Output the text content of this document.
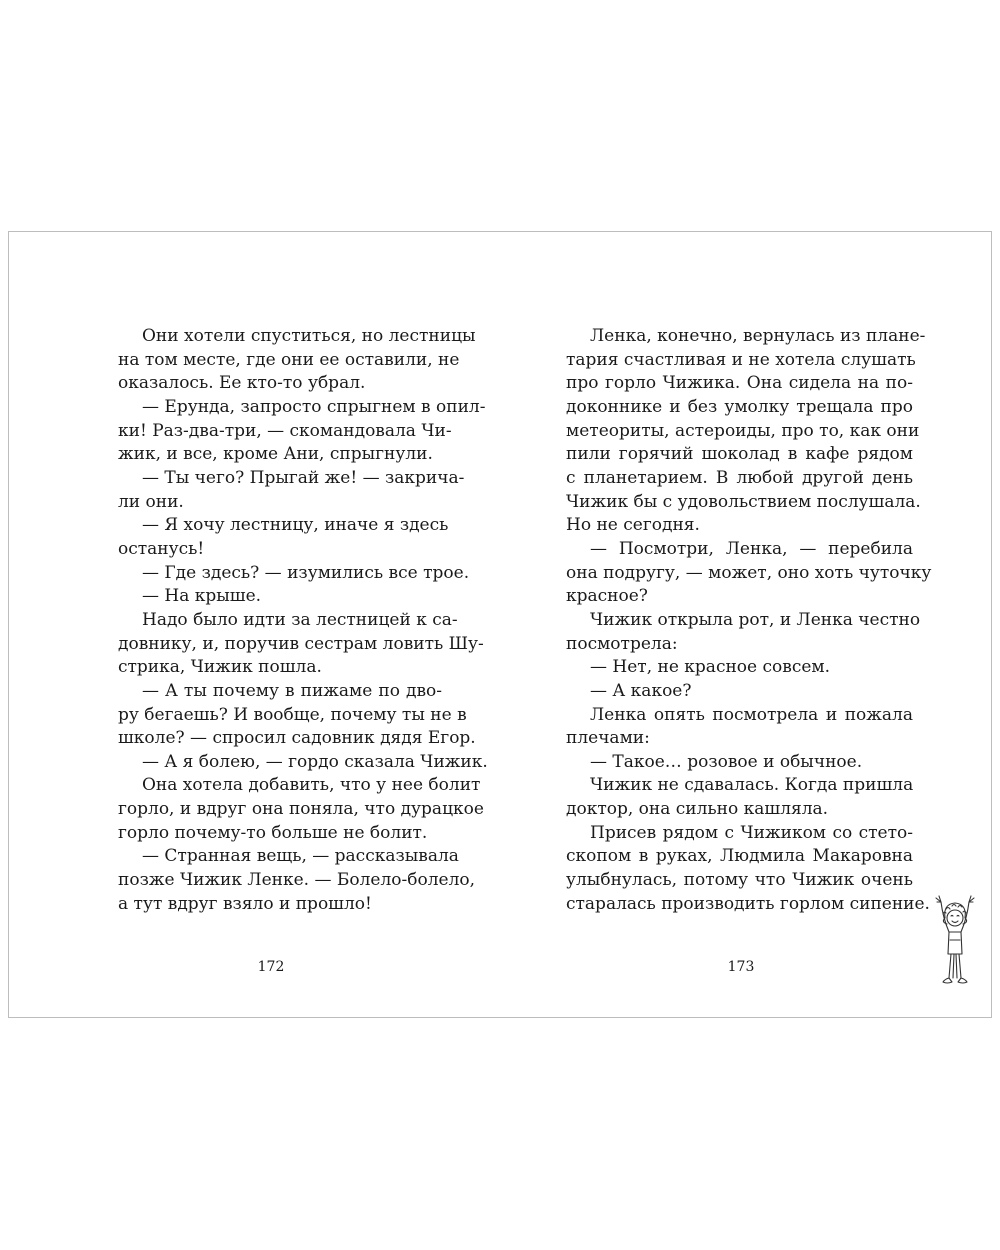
Они хотели спуститься, но лестницы
на том месте, где они ее оставили, не
оказалось. Ее кто-то убрал.

— Ерунда, запросто спрыгнем в опил-
ки! Раз-два-три, — скомандовала Чи-
жик, и все, кроме Ани, спрыгнули.

— Ты чего? Прыгай же! — закрича-
ли они.

— Я хочу лестницу, иначе я здесь
останусь!

— Где здесь? — изумились все трое.

— На крыше.

Надо было идти за лестницей к са-
довнику, и, поручив сестрам ловить Шу-
стрика, Чижик пошла.

— А ты почему в пижаме по дво-
ру бегаешь? И вообще, почему ты не в
школе? — спросил садовник дядя Егор.

— А я болею, — гордо сказала Чижик.

Она хотела добавить, что у нее болит
горло, и вдруг она поняла, что дурацкое
горло почему-то больше не болит.

— Странная вещь, — рассказывала
позже Чижик Ленке. — Болело-болело,
а тут вдруг взяло и прошло!

Ленка, конечно, вернулась из плане-
тария счастливая и не хотела слушать
про горло Чижика. Она сидела на по-
доконнике и без умолку трещала про
метеориты, астероиды, про то, как они
пили горячий шоколад в кафе рядом
с планетарием. В любой другой день
Чижик бы с удовольствием послушала.
Но не сегодня.

— Посмотри, Ленка, — перебила
она подругу, — может, оно хоть чуточку
красное?

Чижик открыла рот, и Ленка честно
посмотрела:

— Нет, не красное совсем.

— А какое?

Ленка опять посмотрела и пожала
плечами:

— Такое… розовое и обычное.

Чижик не сдавалась. Когда пришла
доктор, она сильно кашляла.

Присев рядом с Чижиком со стето-
скопом в руках, Людмила Макаровна
улыбнулась, потому что Чижик очень
старалась производить горлом сипение.

172	173
